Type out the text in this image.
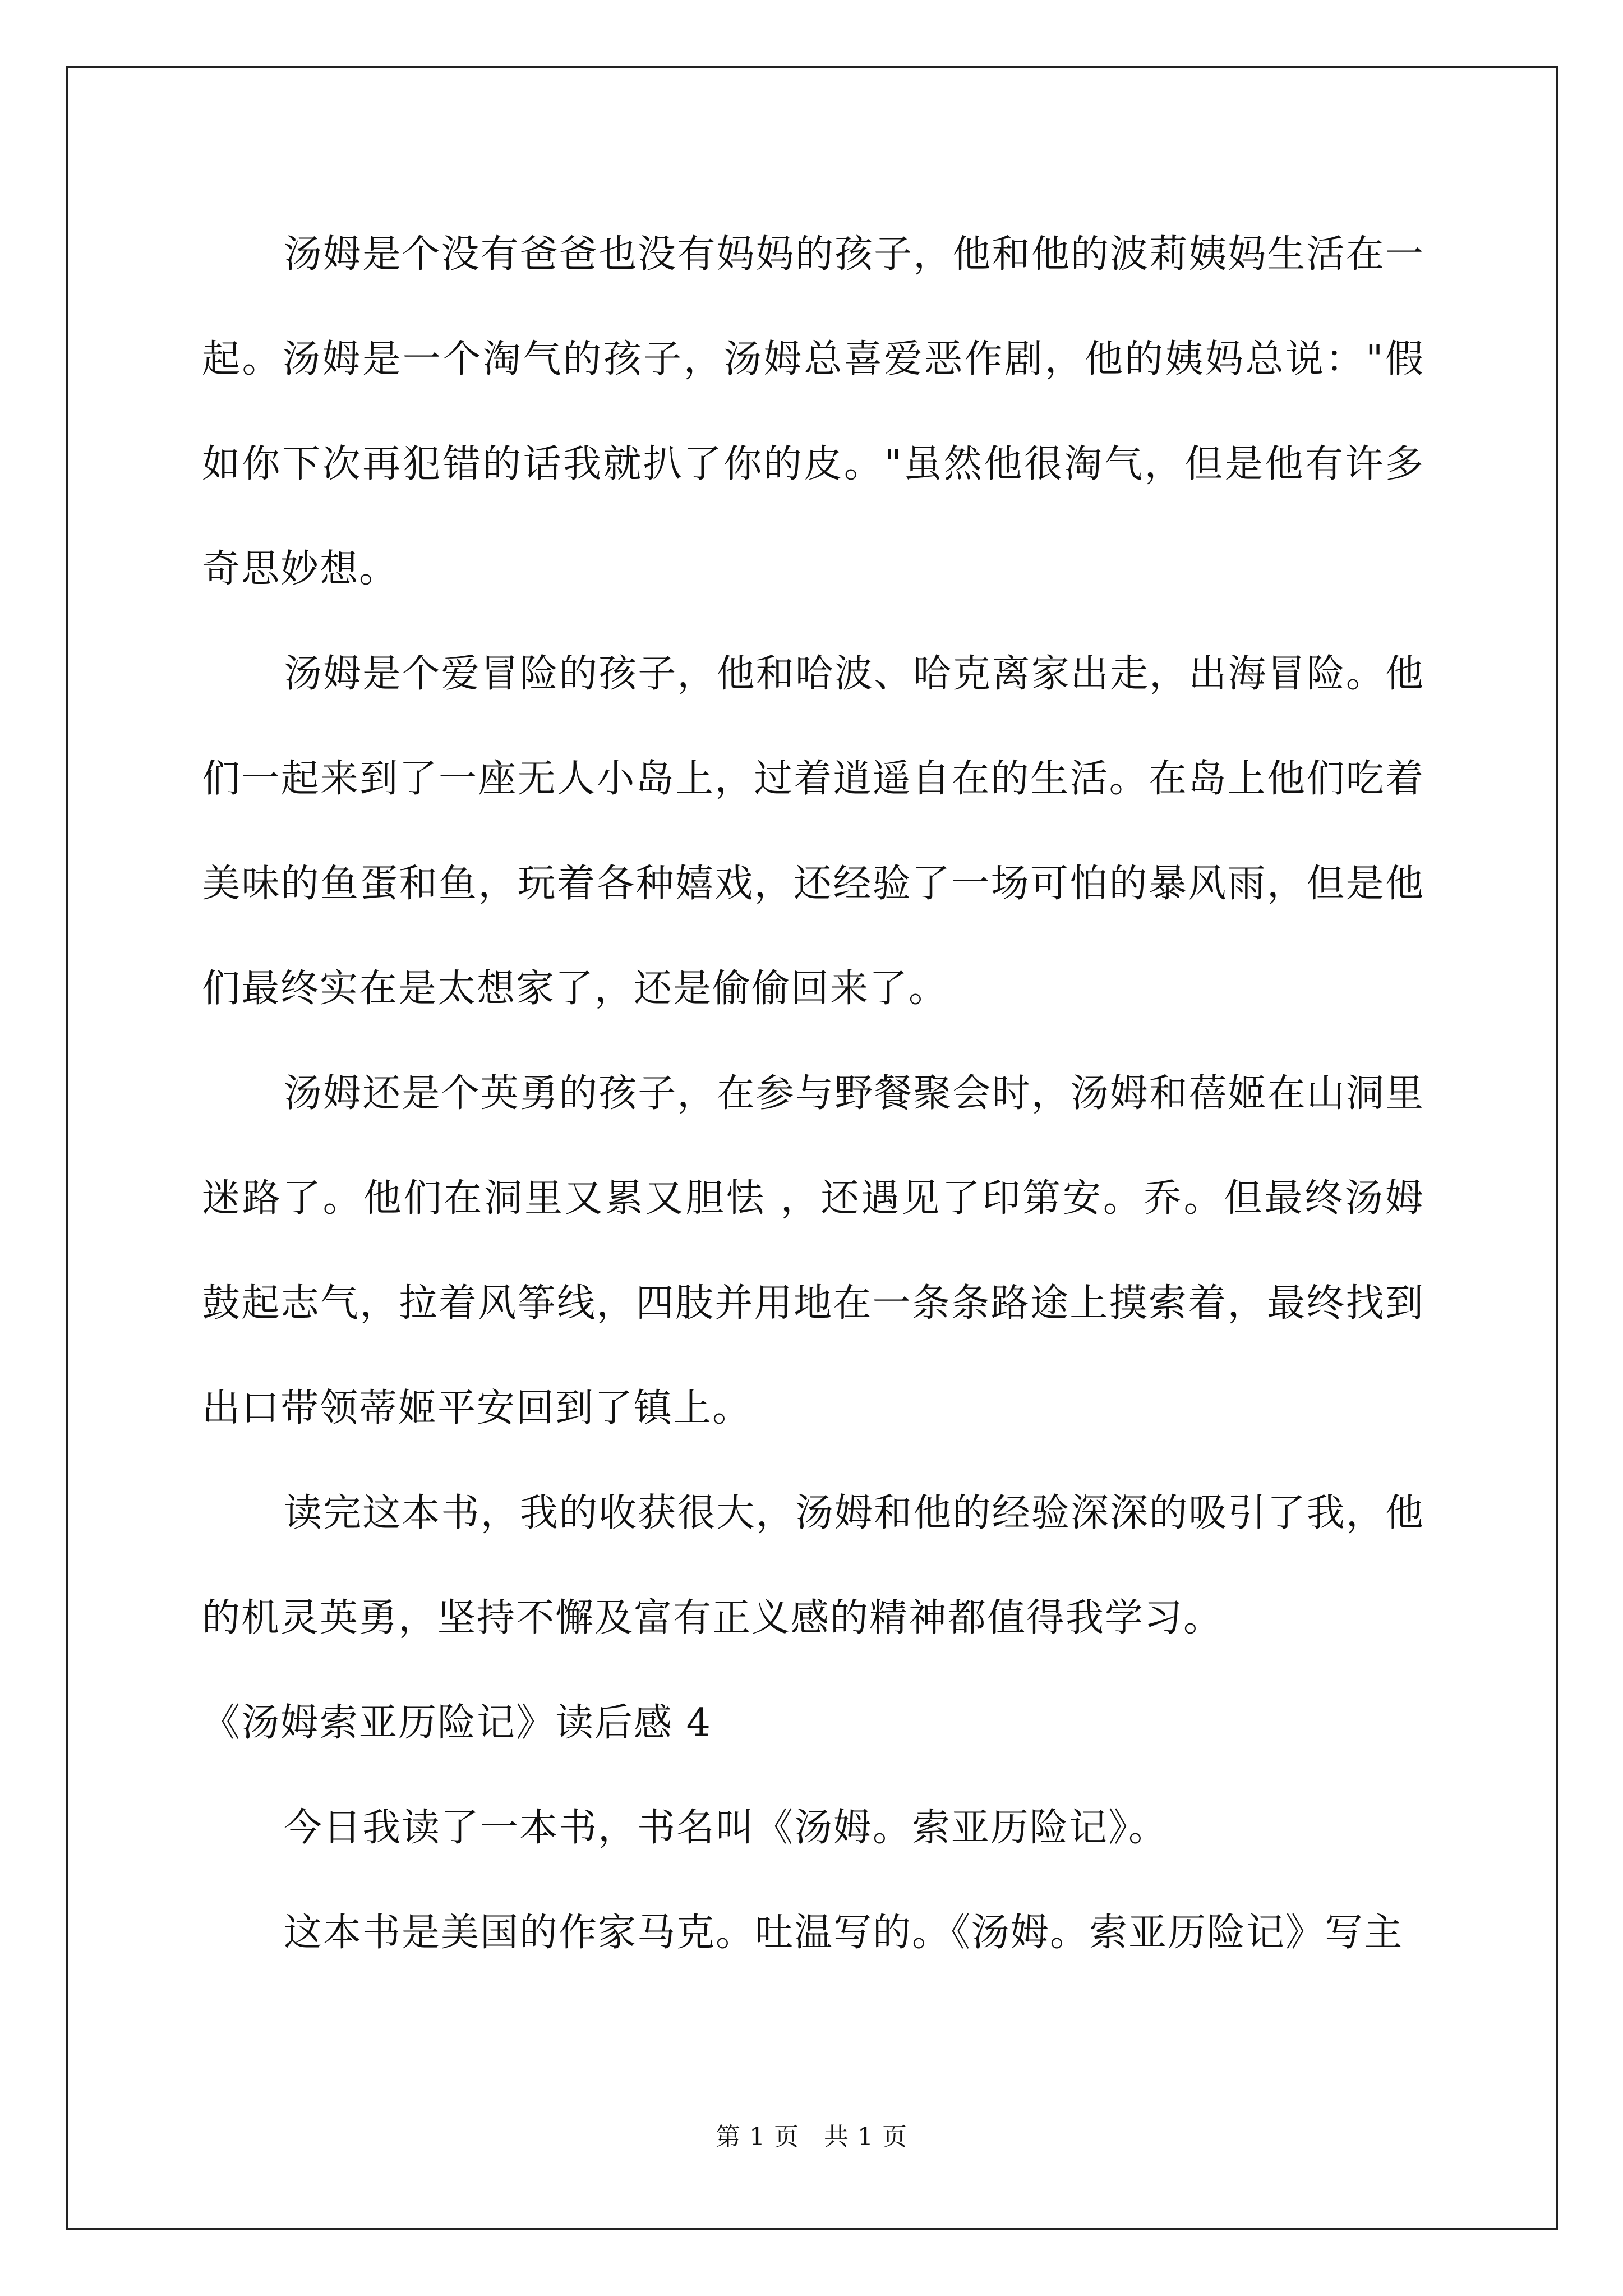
汤姆是个没有爸爸也没有妈妈的孩子，他和他的波莉姨妈生活在一起。汤姆是一个淘气的孩子，汤姆总喜爱恶作剧，他的姨妈总说："假如你下次再犯错的话我就扒了你的皮。"虽然他很淘气，但是他有许多奇思妙想。

汤姆是个爱冒险的孩子，他和哈波、哈克离家出走，出海冒险。他们一起来到了一座无人小岛上，过着逍遥自在的生活。在岛上他们吃着美味的鱼蛋和鱼，玩着各种嬉戏，还经验了一场可怕的暴风雨，但是他们最终实在是太想家了，还是偷偷回来了。

汤姆还是个英勇的孩子，在参与野餐聚会时，汤姆和蓓姬在山洞里迷路了。他们在洞里又累又胆怯 ，还遇见了印第安。乔。但最终汤姆鼓起志气，拉着风筝线，四肢并用地在一条条路途上摸索着，最终找到出口带领蒂姬平安回到了镇上。

读完这本书，我的收获很大，汤姆和他的经验深深的吸引了我，他的机灵英勇，坚持不懈及富有正义感的精神都值得我学习。

《汤姆索亚历险记》读后感 4

今日我读了一本书，书名叫《汤姆。索亚历险记》。

这本书是美国的作家马克。吐温写的。《汤姆。索亚历险记》写主

第 1 页 共 1 页
